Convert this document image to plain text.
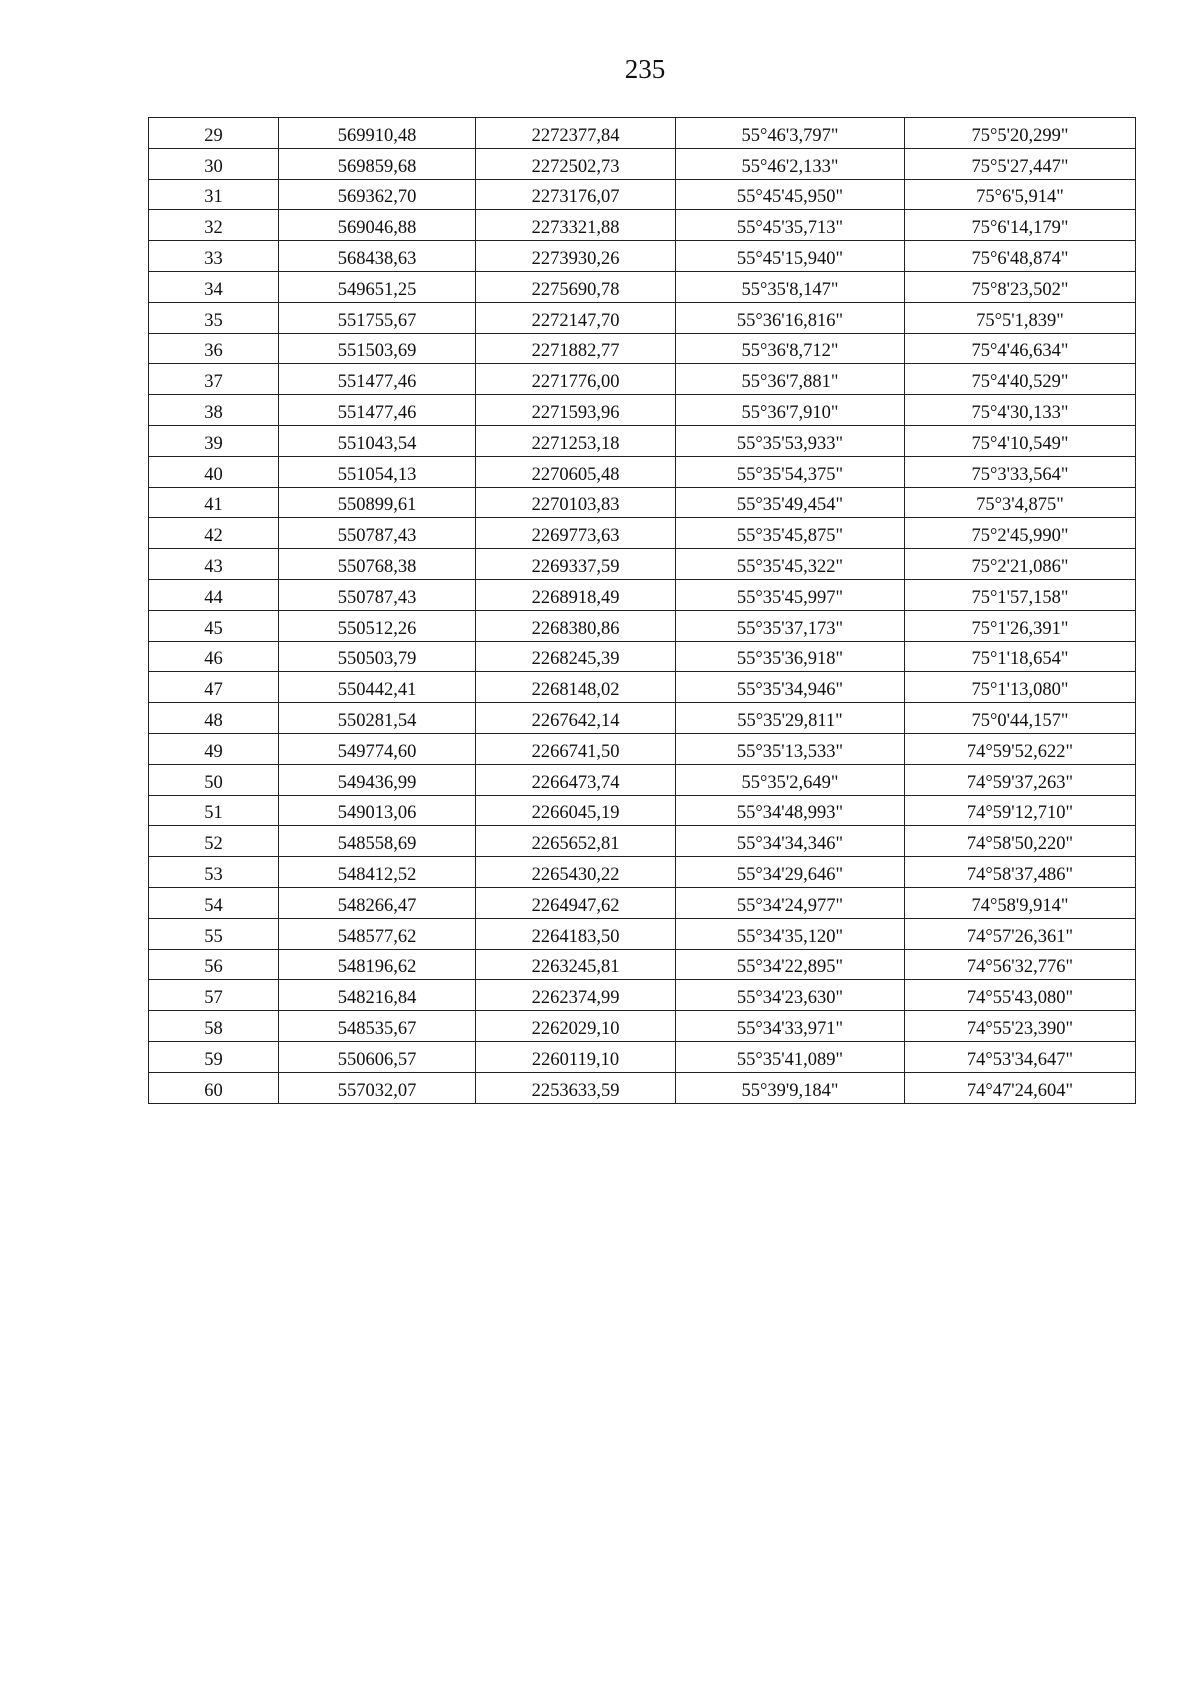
235
29	569910,48	2272377,84	55°46'3,797"	75°5'20,299"
30	569859,68	2272502,73	55°46'2,133"	75°5'27,447"
31	569362,70	2273176,07	55°45'45,950"	75°6'5,914"
32	569046,88	2273321,88	55°45'35,713"	75°6'14,179"
33	568438,63	2273930,26	55°45'15,940"	75°6'48,874"
34	549651,25	2275690,78	55°35'8,147"	75°8'23,502"
35	551755,67	2272147,70	55°36'16,816"	75°5'1,839"
36	551503,69	2271882,77	55°36'8,712"	75°4'46,634"
37	551477,46	2271776,00	55°36'7,881"	75°4'40,529"
38	551477,46	2271593,96	55°36'7,910"	75°4'30,133"
39	551043,54	2271253,18	55°35'53,933"	75°4'10,549"
40	551054,13	2270605,48	55°35'54,375"	75°3'33,564"
41	550899,61	2270103,83	55°35'49,454"	75°3'4,875"
42	550787,43	2269773,63	55°35'45,875"	75°2'45,990"
43	550768,38	2269337,59	55°35'45,322"	75°2'21,086"
44	550787,43	2268918,49	55°35'45,997"	75°1'57,158"
45	550512,26	2268380,86	55°35'37,173"	75°1'26,391"
46	550503,79	2268245,39	55°35'36,918"	75°1'18,654"
47	550442,41	2268148,02	55°35'34,946"	75°1'13,080"
48	550281,54	2267642,14	55°35'29,811"	75°0'44,157"
49	549774,60	2266741,50	55°35'13,533"	74°59'52,622"
50	549436,99	2266473,74	55°35'2,649"	74°59'37,263"
51	549013,06	2266045,19	55°34'48,993"	74°59'12,710"
52	548558,69	2265652,81	55°34'34,346"	74°58'50,220"
53	548412,52	2265430,22	55°34'29,646"	74°58'37,486"
54	548266,47	2264947,62	55°34'24,977"	74°58'9,914"
55	548577,62	2264183,50	55°34'35,120"	74°57'26,361"
56	548196,62	2263245,81	55°34'22,895"	74°56'32,776"
57	548216,84	2262374,99	55°34'23,630"	74°55'43,080"
58	548535,67	2262029,10	55°34'33,971"	74°55'23,390"
59	550606,57	2260119,10	55°35'41,089"	74°53'34,647"
60	557032,07	2253633,59	55°39'9,184"	74°47'24,604"
